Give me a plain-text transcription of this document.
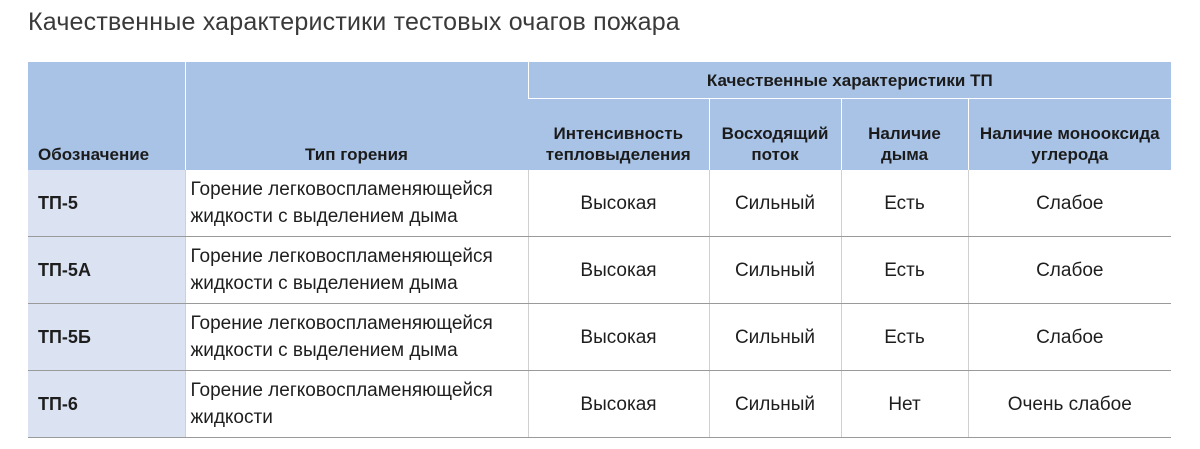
Качественные характеристики тестовых очагов пожара
Обозначение	Тип горения	Качественные характеристики ТП			
		Интенсивность тепловыделения	Восходящий поток	Наличие дыма	Наличие монооксида углерода
ТП-5	Горение легковоспламеняющейся жидкости с выделением дыма	Высокая	Сильный	Есть	Слабое
ТП-5А	Горение легковоспламеняющейся жидкости с выделением дыма	Высокая	Сильный	Есть	Слабое
ТП-5Б	Горение легковоспламеняющейся жидкости с выделением дыма	Высокая	Сильный	Есть	Слабое
ТП-6	Горение легковоспламеняющейся жидкости	Высокая	Сильный	Нет	Очень слабое
